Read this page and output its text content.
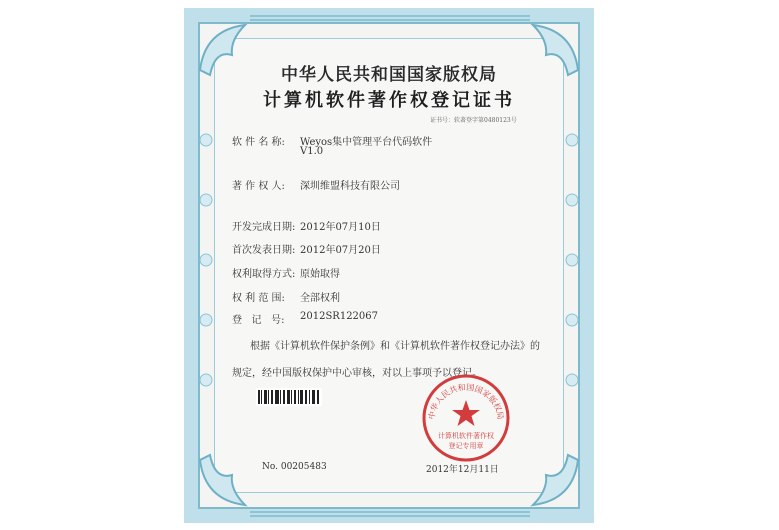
中华人民共和国国家版权局
计算机软件著作权登记证书
证书号：软著登字第0480123号
软 件 名 称: Weyos集中管理平台代码软件
V1.0
著 作 权 人: 深圳维盟科技有限公司
开发完成日期: 2012年07月10日
首次发表日期: 2012年07月20日
权利取得方式: 原始取得
权 利 范 围: 全部权利
登   记   号: 2012SR122067
根据《计算机软件保护条例》和《计算机软件著作权登记办法》的
规定，经中国版权保护中心审核，对以上事项予以登记。
中华人民共和国国家版权局
计算机软件著作权
登记专用章
No. 00205483	2012年12月11日
